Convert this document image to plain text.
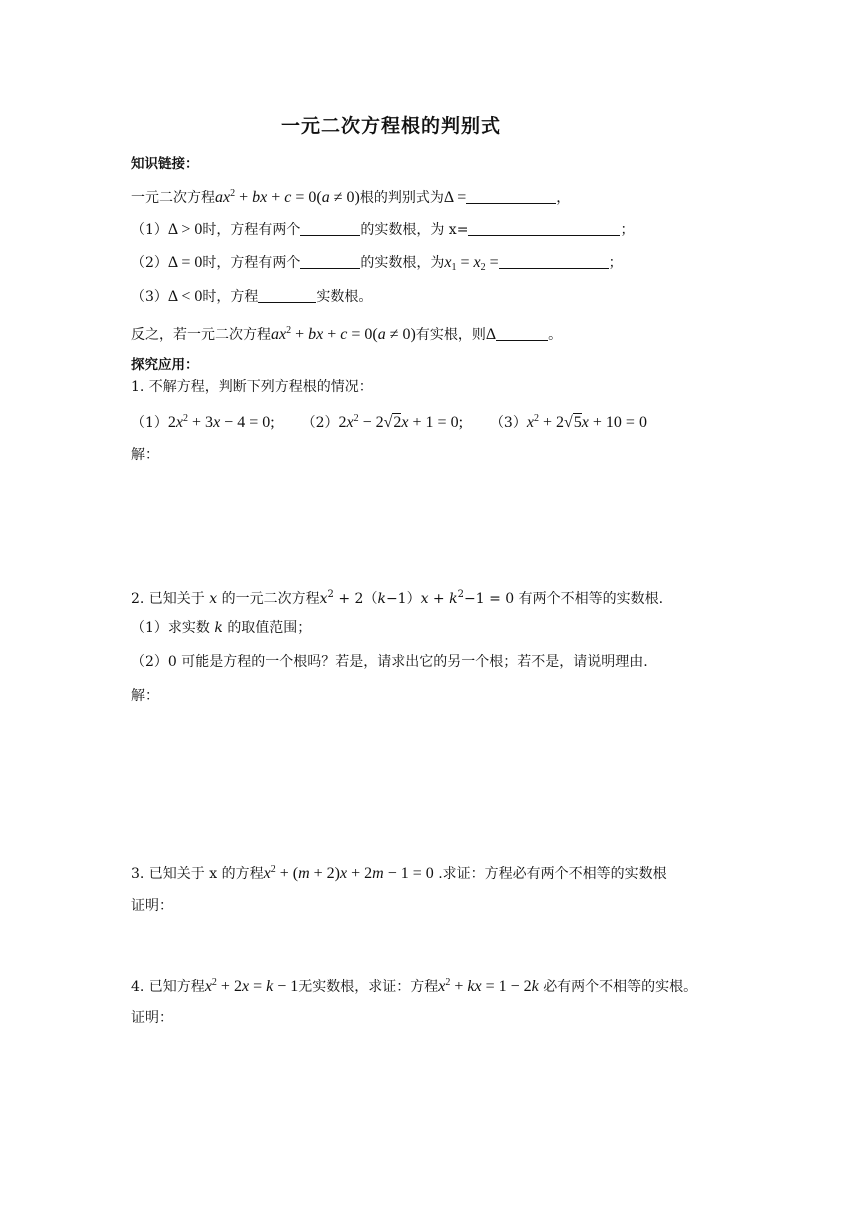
一元二次方程根的判别式
知识链接：
一元二次方程$ax^2$ + bx + c = 0(a ≠ 0)根的判别式为Δ =	，
（1）Δ > 0时，方程有两个	的实数根，为 x=	；
（2）Δ = 0时，方程有两个	的实数根，为$x_1 = x_2$ =	；
（3）Δ < 0时，方程	实数根。
反之，若一元二次方程$ax^2$ + bx + c = 0(a ≠ 0)有实根，则Δ	。
探究应用：
1. 不解方程，判断下列方程根的情况：
$(1)2x^2 + 3x - 4 = 0$; $(2)2x^2 - 2√2x + 1 = 0$; $(3)x^2 + 2√5x + 10 = 0$
解：
2. 已知关于 x 的一元二次方程$x^2 + 2(k-1)x + k^2-1 = 0$ 有两个不相等的实数根.
（1）求实数 k 的取值范围；
（2）0 可能是方程的一个根吗？若是，请求出它的另一个根；若不是，请说明理由.
解：
3. 已知关于 x 的方程$x^2 + (m + 2)x + 2m - 1 = 0$ .求证：方程必有两个不相等的实数根
证明：
4. 已知方程$x^2 + 2x = k - 1$无实数根，求证：方程$x^2$ + kx = 1 − 2k 必有两个不相等的实根。
证明：
